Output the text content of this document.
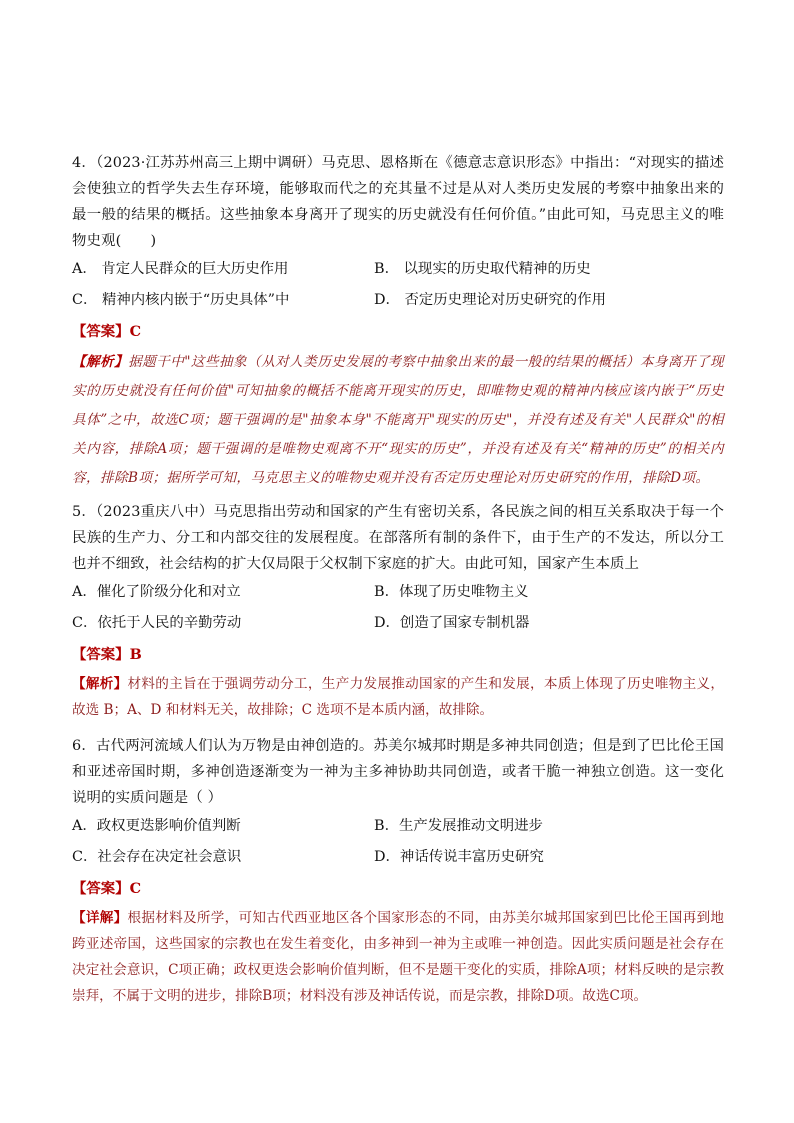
4．（2023·江苏苏州高三上期中调研）马克思、恩格斯在《德意志意识形态》中指出：“对现实的描述会使独立的哲学失去生存环境，能够取而代之的充其量不过是从对人类历史发展的考察中抽象出来的最一般的结果的概括。这些抽象本身离开了现实的历史就没有任何价值。”由此可知，马克思主义的唯物史观(　　)

A． 肯定人民群众的巨大历史作用	B． 以现实的历史取代精神的历史
C． 精神内核内嵌于“历史具体”中	D． 否定历史理论对历史研究的作用

【答案】C

【解析】据题干中"这些抽象（从对人类历史发展的考察中抽象出来的最一般的结果的概括）本身离开了现实的历史就没有任何价值"可知抽象的概括不能离开现实的历史，即唯物史观的精神内核应该内嵌于“历史具体”之中，故选C项；题干强调的是"抽象本身"不能离开"现实的历史"，并没有述及有关"人民群众"的相关内容，排除A项；题干强调的是唯物史观离不开“现实的历史”，并没有述及有关“精神的历史”的相关内容，排除B项；据所学可知，马克思主义的唯物史观并没有否定历史理论对历史研究的作用，排除D项。

5．（2023重庆八中）马克思指出劳动和国家的产生有密切关系，各民族之间的相互关系取决于每一个民族的生产力、分工和内部交往的发展程度。在部落所有制的条件下，由于生产的不发达，所以分工也并不细致，社会结构的扩大仅局限于父权制下家庭的扩大。由此可知，国家产生本质上

A．催化了阶级分化和对立	B．体现了历史唯物主义
C．依托于人民的辛勤劳动	D．创造了国家专制机器

【答案】B

【解析】材料的主旨在于强调劳动分工，生产力发展推动国家的产生和发展，本质上体现了历史唯物主义，故选 B；A、D 和材料无关，故排除；C 选项不是本质内涵，故排除。

6．古代两河流域人们认为万物是由神创造的。苏美尔城邦时期是多神共同创造；但是到了巴比伦王国和亚述帝国时期，多神创造逐渐变为一神为主多神协助共同创造，或者干脆一神独立创造。这一变化说明的实质问题是（ ）

A．政权更迭影响价值判断	B．生产发展推动文明进步
C．社会存在决定社会意识	D．神话传说丰富历史研究

【答案】C

【详解】根据材料及所学，可知古代西亚地区各个国家形态的不同，由苏美尔城邦国家到巴比伦王国再到地跨亚述帝国，这些国家的宗教也在发生着变化，由多神到一神为主或唯一神创造。因此实质问题是社会存在决定社会意识，C项正确；政权更迭会影响价值判断，但不是题干变化的实质，排除A项；材料反映的是宗教崇拜，不属于文明的进步，排除B项；材料没有涉及神话传说，而是宗教，排除D项。故选C项。
